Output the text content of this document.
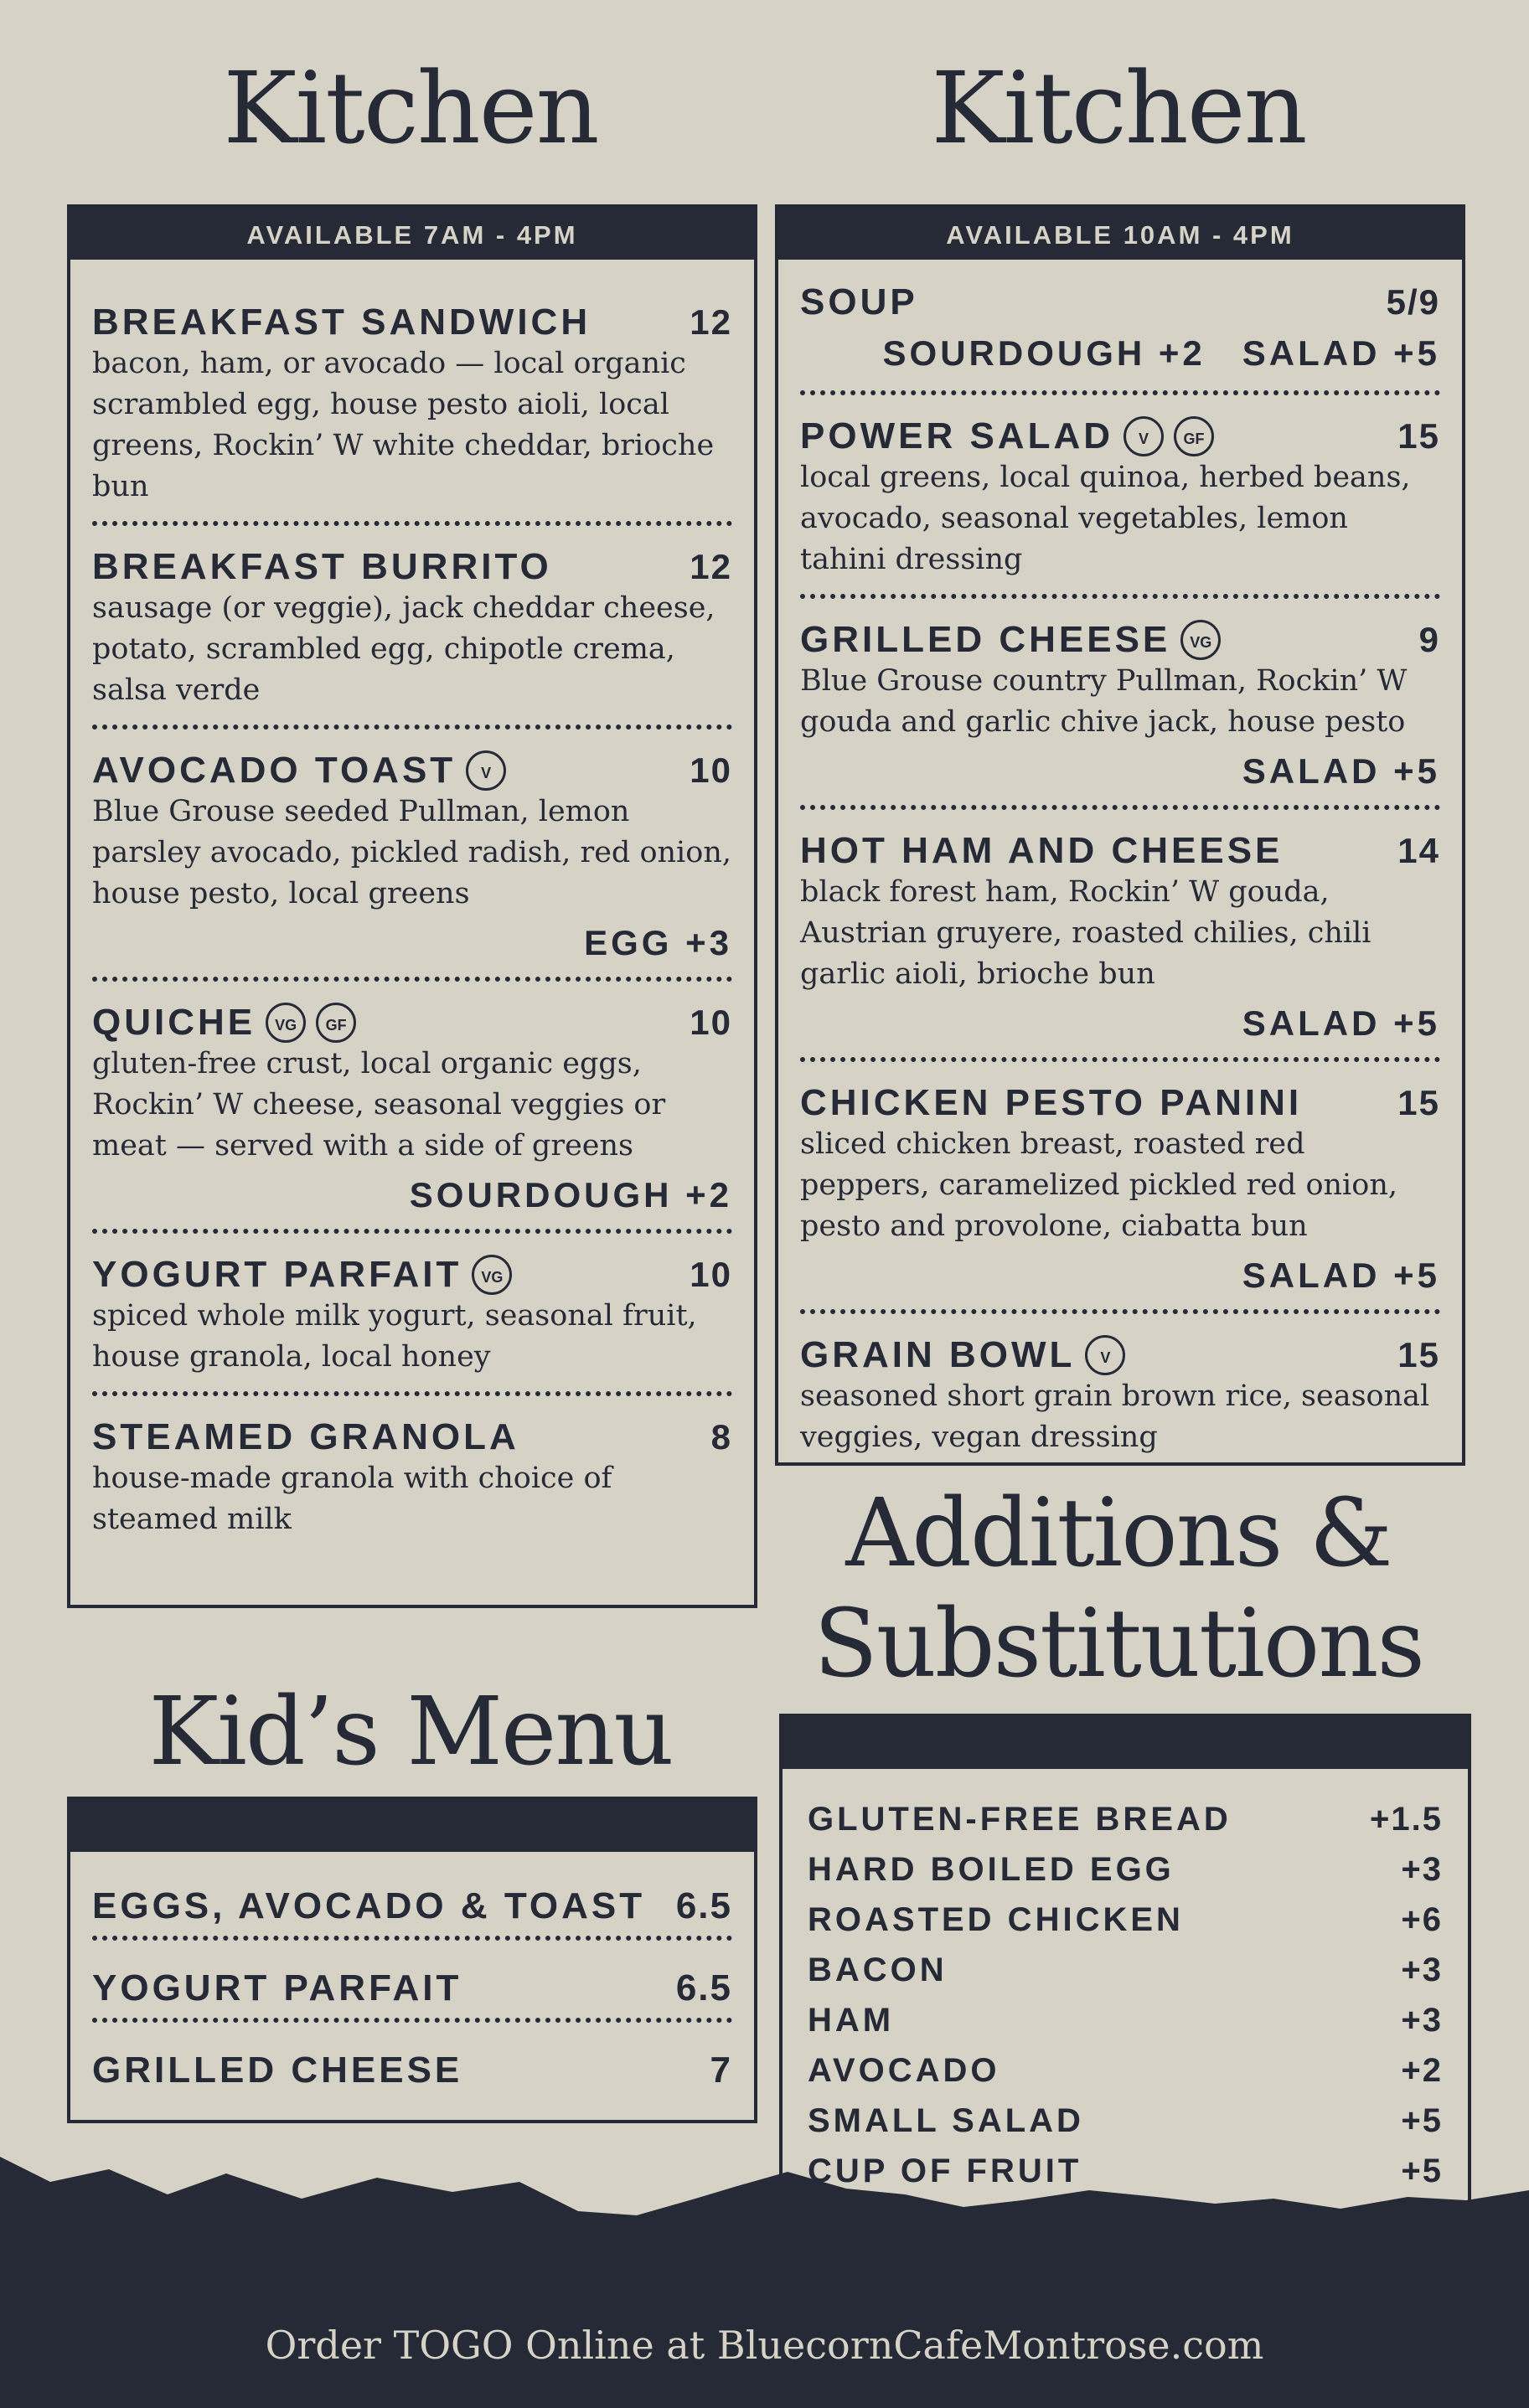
Kitchen
AVAILABLE 7AM - 4PM
BREAKFAST SANDWICH	12
bacon, ham, or avocado — local organic scrambled egg, house pesto aioli, local greens, Rockin’ W white cheddar, brioche bun
BREAKFAST BURRITO	12
sausage (or veggie), jack cheddar cheese, potato, scrambled egg, chipotle crema, salsa verde
AVOCADO TOAST	V	10
Blue Grouse seeded Pullman, lemon parsley avocado, pickled radish, red onion, house pesto, local greens
EGG +3
QUICHE	VG	GF	10
gluten-free crust, local organic eggs, Rockin’ W cheese, seasonal veggies or meat — served with a side of greens
SOURDOUGH +2
YOGURT PARFAIT	VG	10
spiced whole milk yogurt, seasonal fruit, house granola, local honey
STEAMED GRANOLA	8
house-made granola with choice of steamed milk
Kitchen
AVAILABLE 10AM - 4PM
SOUP	5/9
SOURDOUGH +2 SALAD +5
POWER SALAD	V	GF	15
local greens, local quinoa, herbed beans, avocado, seasonal vegetables, lemon tahini dressing
GRILLED CHEESE	VG	9
Blue Grouse country Pullman, Rockin’ W gouda and garlic chive jack, house pesto
SALAD +5
HOT HAM AND CHEESE	14
black forest ham, Rockin’ W gouda, Austrian gruyere, roasted chilies, chili garlic aioli, brioche bun
SALAD +5
CHICKEN PESTO PANINI	15
sliced chicken breast, roasted red peppers, caramelized pickled red onion, pesto and provolone, ciabatta bun
SALAD +5
GRAIN BOWL	V	15
seasoned short grain brown rice, seasonal veggies, vegan dressing
Additions &
Substitutions
GLUTEN-FREE BREAD	+1.5
HARD BOILED EGG	+3
ROASTED CHICKEN	+6
BACON	+3
HAM	+3
AVOCADO	+2
SMALL SALAD	+5
CUP OF FRUIT	+5
Kid’s Menu
EGGS, AVOCADO & TOAST 6.5
YOGURT PARFAIT	6.5
GRILLED CHEESE	7
Order TOGO Online at BluecornCafeMontrose.com
